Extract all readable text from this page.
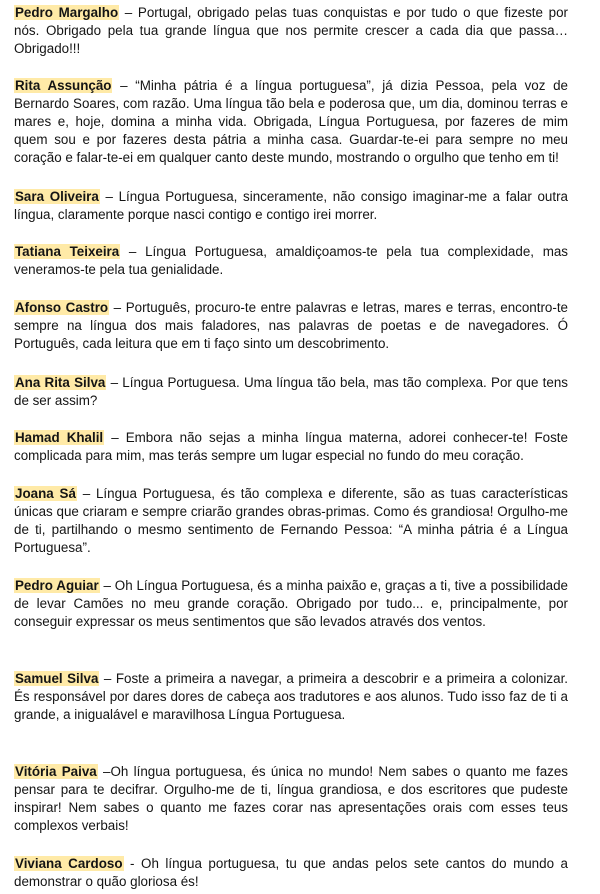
Pedro Margalho – Portugal, obrigado pelas tuas conquistas e por tudo o que fizeste por nós. Obrigado pela tua grande língua que nos permite crescer a cada dia que passa… Obrigado!!!

Rita Assunção – “Minha pátria é a língua portuguesa”, já dizia Pessoa, pela voz de Bernardo Soares, com razão. Uma língua tão bela e poderosa que, um dia, dominou terras e mares e, hoje, domina a minha vida. Obrigada, Língua Portuguesa, por fazeres de mim quem sou e por fazeres desta pátria a minha casa. Guardar-te-ei para sempre no meu coração e falar-te-ei em qualquer canto deste mundo, mostrando o orgulho que tenho em ti!

Sara Oliveira – Língua Portuguesa, sinceramente, não consigo imaginar-me a falar outra língua, claramente porque nasci contigo e contigo irei morrer.

Tatiana Teixeira – Língua Portuguesa, amaldiçoamos-te pela tua complexidade, mas veneramos-te pela tua genialidade.

Afonso Castro – Português, procuro-te entre palavras e letras, mares e terras, encontro-te sempre na língua dos mais faladores, nas palavras de poetas e de navegadores. Ó Português, cada leitura que em ti faço sinto um descobrimento.

Ana Rita Silva – Língua Portuguesa. Uma língua tão bela, mas tão complexa. Por que tens de ser assim?

Hamad Khalil – Embora não sejas a minha língua materna, adorei conhecer-te! Foste complicada para mim, mas terás sempre um lugar especial no fundo do meu coração.

Joana Sá – Língua Portuguesa, és tão complexa e diferente, são as tuas características únicas que criaram e sempre criarão grandes obras-primas. Como és grandiosa! Orgulho-me de ti, partilhando o mesmo sentimento de Fernando Pessoa: “A minha pátria é a Língua Portuguesa”.

Pedro Aguiar – Oh Língua Portuguesa, és a minha paixão e, graças a ti, tive a possibilidade de levar Camões no meu grande coração. Obrigado por tudo... e, principalmente, por conseguir expressar os meus sentimentos que são levados através dos ventos.

Samuel Silva – Foste a primeira a navegar, a primeira a descobrir e a primeira a colonizar. És responsável por dares dores de cabeça aos tradutores e aos alunos. Tudo isso faz de ti a grande, a inigualável e maravilhosa Língua Portuguesa.

Vitória Paiva –Oh língua portuguesa, és única no mundo! Nem sabes o quanto me fazes pensar para te decifrar. Orgulho-me de ti, língua grandiosa, e dos escritores que pudeste inspirar! Nem sabes o quanto me fazes corar nas apresentações orais com esses teus complexos verbais!

Viviana Cardoso - Oh língua portuguesa, tu que andas pelos sete cantos do mundo a demonstrar o quão gloriosa és!
